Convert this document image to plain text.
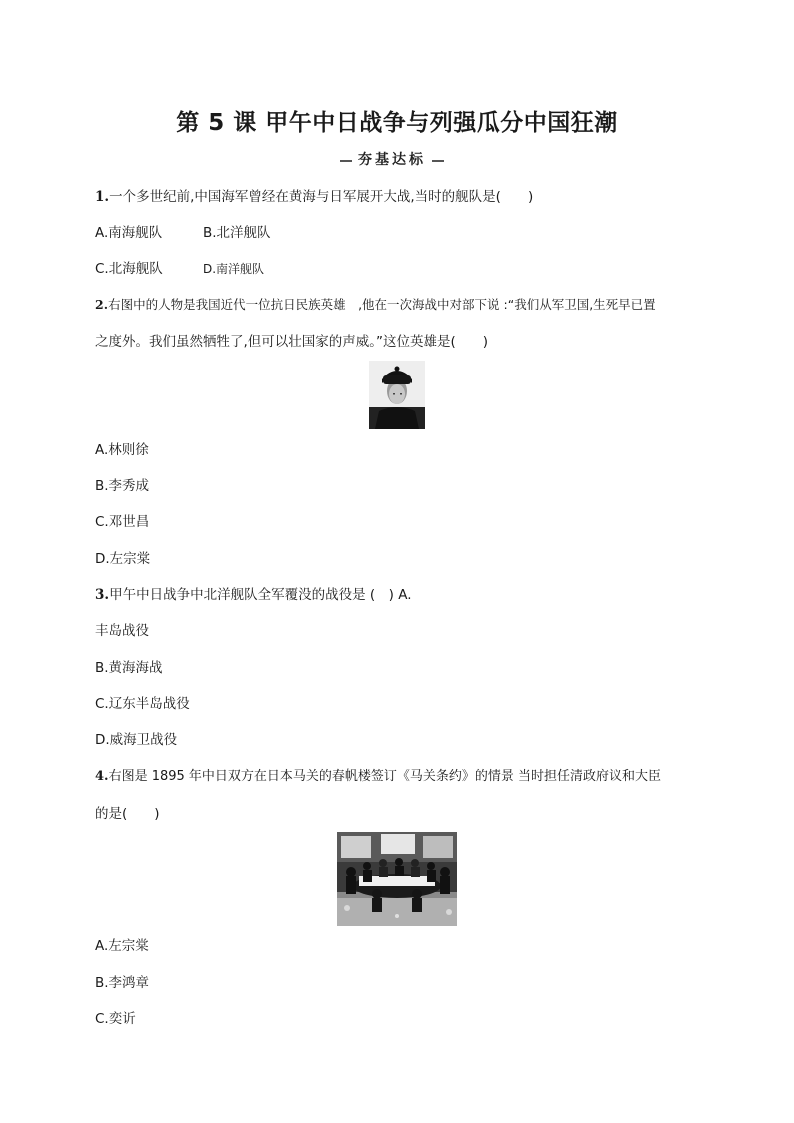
第 5 课 甲午中日战争与列强瓜分中国狂潮
夯基达标
1.一个多世纪前,中国海军曾经在黄海与日军展开大战,当时的舰队是(　　)
A.南海舰队	B.北洋舰队
C.北海舰队	D.南洋舰队
2.右图中的人物是我国近代一位抗日民族英雄　,他在一次海战中对部下说 :“我们从军卫国,生死早已置
之度外。我们虽然牺牲了,但可以壮国家的声威。”这位英雄是(　　)
A.林则徐
B.李秀成
C.邓世昌
D.左宗棠
3.甲午中日战争中北洋舰队全军覆没的战役是 (　) A.
丰岛战役
B.黄海海战
C.辽东半岛战役
D.威海卫战役
4.右图是 1895 年中日双方在日本马关的春帆楼签订《马关条约》的情景 当时担任清政府议和大臣
的是(　　)
A.左宗棠
B.李鸿章
C.奕䜣
